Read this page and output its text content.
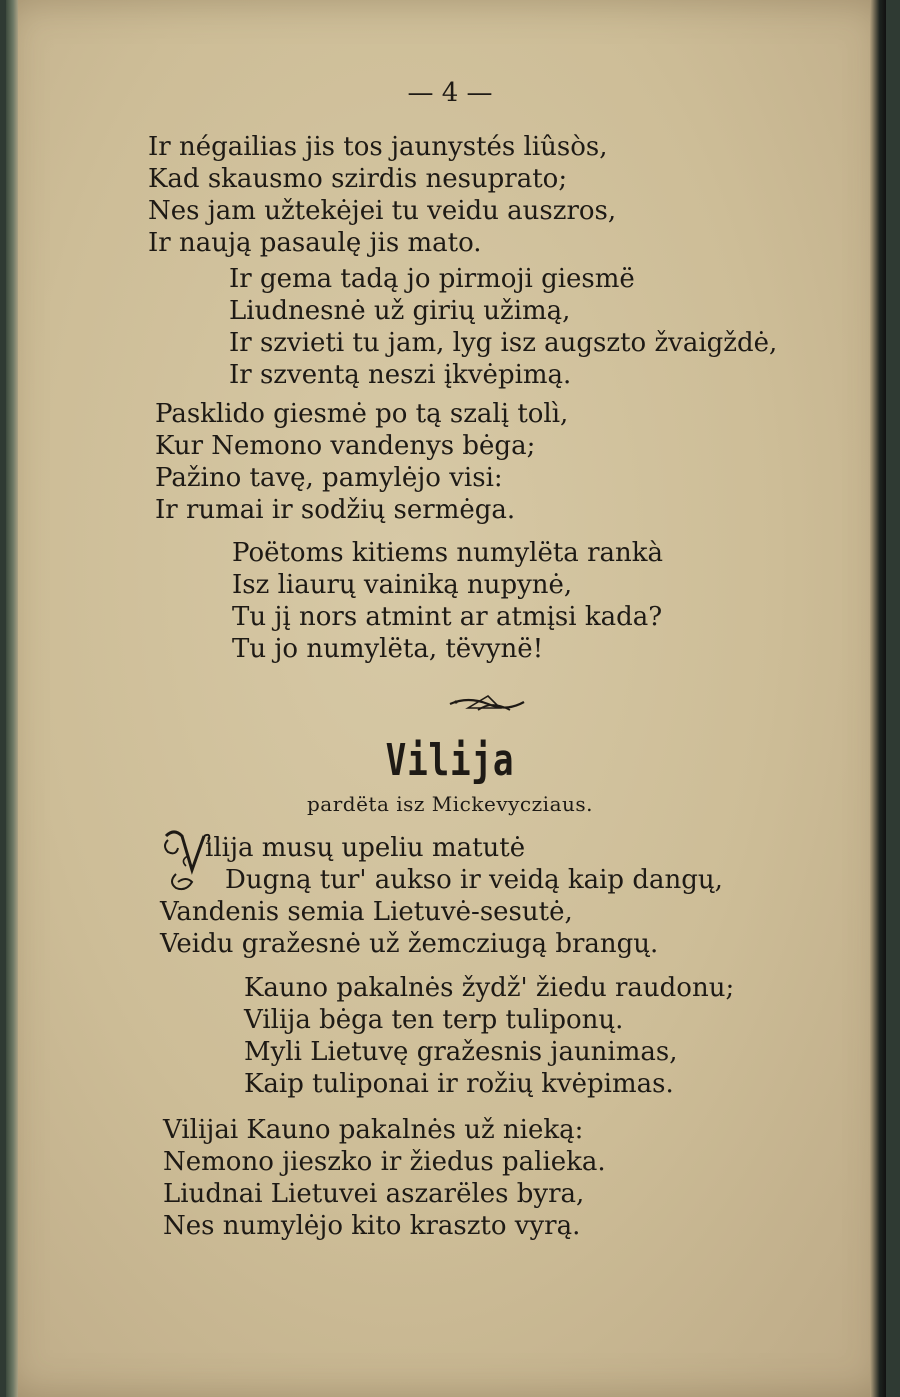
— 4 —
Ir négailias jis tos jaunystés liûsòs,
Kad skausmo szirdis nesuprato;
Nes jam užtekėjei tu veidu auszros,
Ir naują pasaulę jis mato.
Ir gema tadą jo pirmoji giesmë
Liudnesnė už girių užimą,
Ir szvieti tu jam, lyg isz augszto žvaigždė,
Ir szventą neszi įkvėpimą.
Pasklido giesmė po tą szalį tolì,
Kur Nemono vandenys bėga;
Pažino tavę, pamylėjo visi:
Ir rumai ir sodžių sermėga.
Poëtoms kitiems numylëta rankà
Isz liaurų vainiką nupynė,
Tu jį nors atmint ar atmįsi kada?
Tu jo numylëta, tëvynë!
Vilija
pardëta isz Mickevycziaus.
ilija musų upeliu matutė
Dugną tur' aukso ir veidą kaip dangų,
Vandenis semia Lietuvė-sesutė,
Veidu gražesnė už žemcziugą brangų.
Kauno pakalnės žydž' žiedu raudonu;
Vilija bėga ten terp tuliponų.
Myli Lietuvę gražesnis jaunimas,
Kaip tuliponai ir rožių kvėpimas.
Vilijai Kauno pakalnės už nieką:
Nemono jieszko ir žiedus palieka.
Liudnai Lietuvei aszarëles byra,
Nes numylėjo kito kraszto vyrą.
